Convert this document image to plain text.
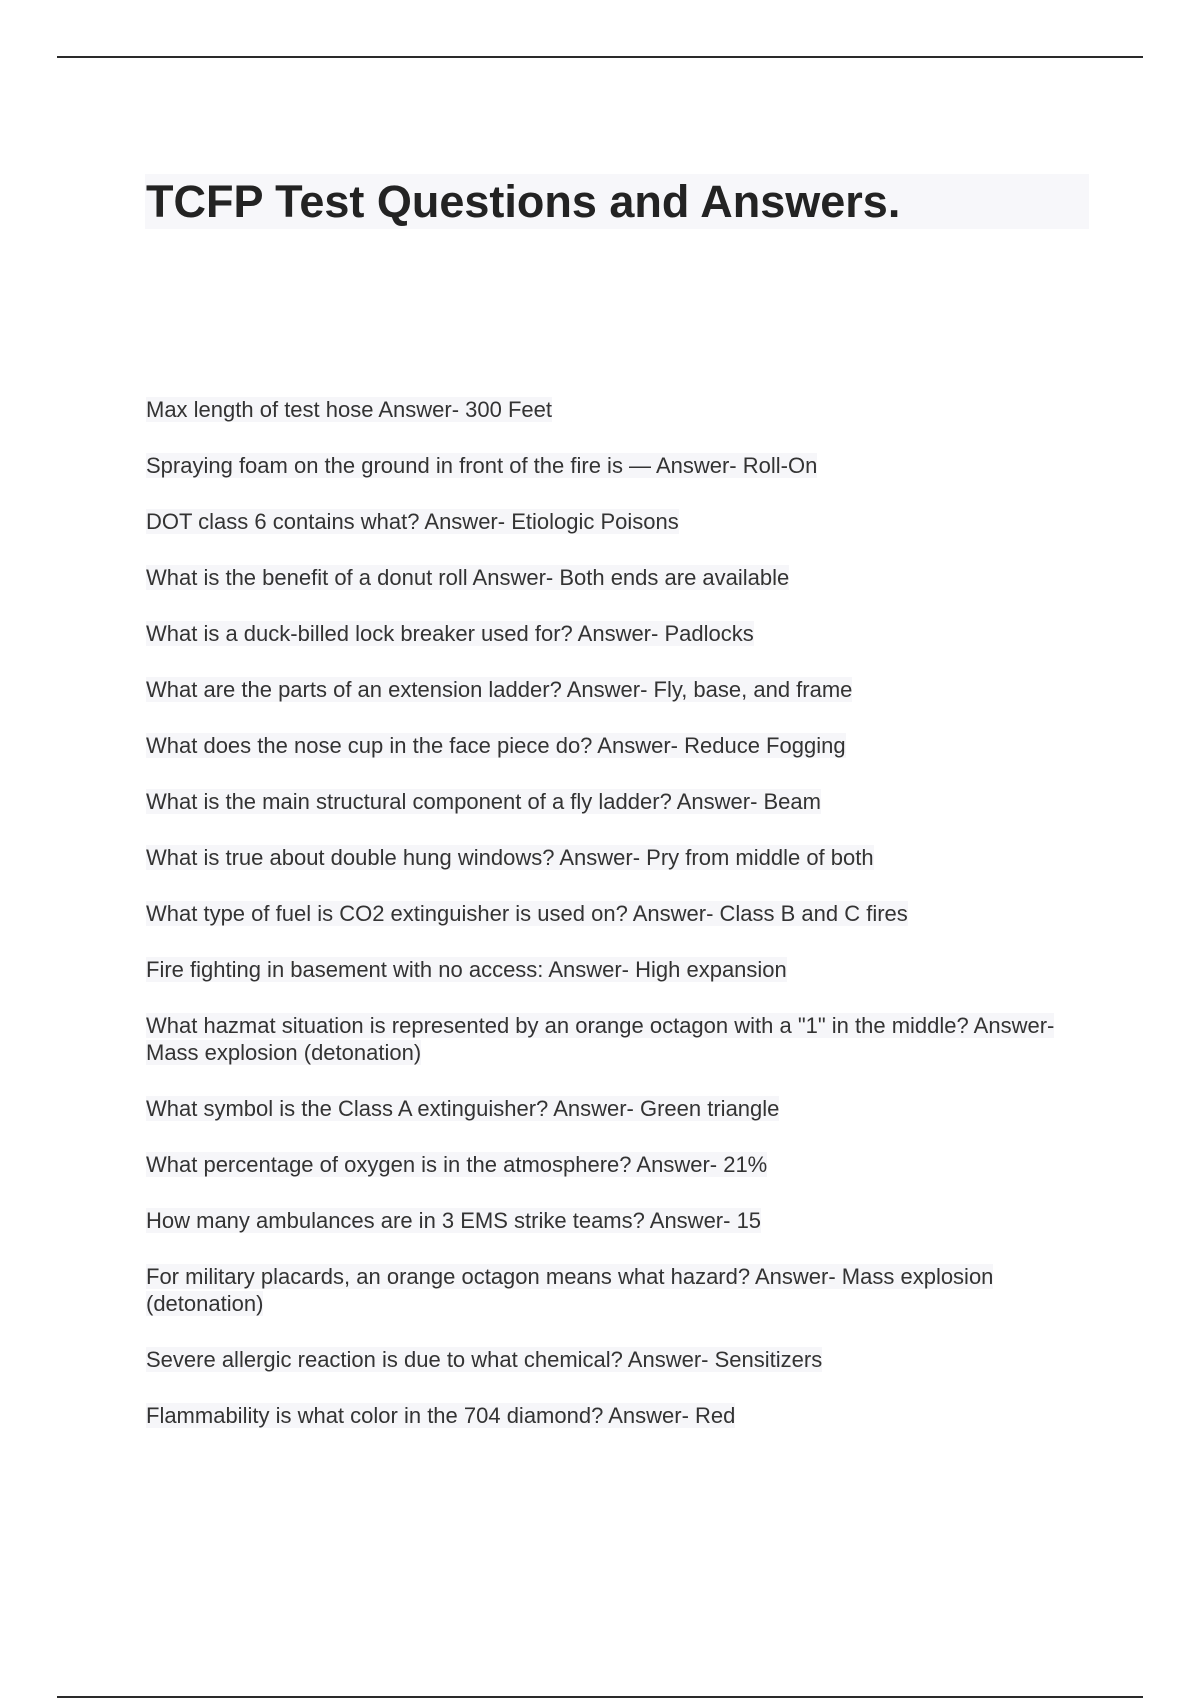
TCFP Test Questions and Answers.
Max length of test hose Answer- 300 Feet
Spraying foam on the ground in front of the fire is — Answer- Roll-On
DOT class 6 contains what? Answer- Etiologic Poisons
What is the benefit of a donut roll Answer- Both ends are available
What is a duck-billed lock breaker used for? Answer- Padlocks
What are the parts of an extension ladder? Answer- Fly, base, and frame
What does the nose cup in the face piece do? Answer- Reduce Fogging
What is the main structural component of a fly ladder? Answer- Beam
What is true about double hung windows? Answer- Pry from middle of both
What type of fuel is CO2 extinguisher is used on? Answer- Class B and C fires
Fire fighting in basement with no access: Answer- High expansion
What hazmat situation is represented by an orange octagon with a "1" in the middle? Answer- Mass explosion (detonation)
What symbol is the Class A extinguisher? Answer- Green triangle
What percentage of oxygen is in the atmosphere? Answer- 21%
How many ambulances are in 3 EMS strike teams? Answer- 15
For military placards, an orange octagon means what hazard? Answer- Mass explosion (detonation)
Severe allergic reaction is due to what chemical? Answer- Sensitizers
Flammability is what color in the 704 diamond? Answer- Red
